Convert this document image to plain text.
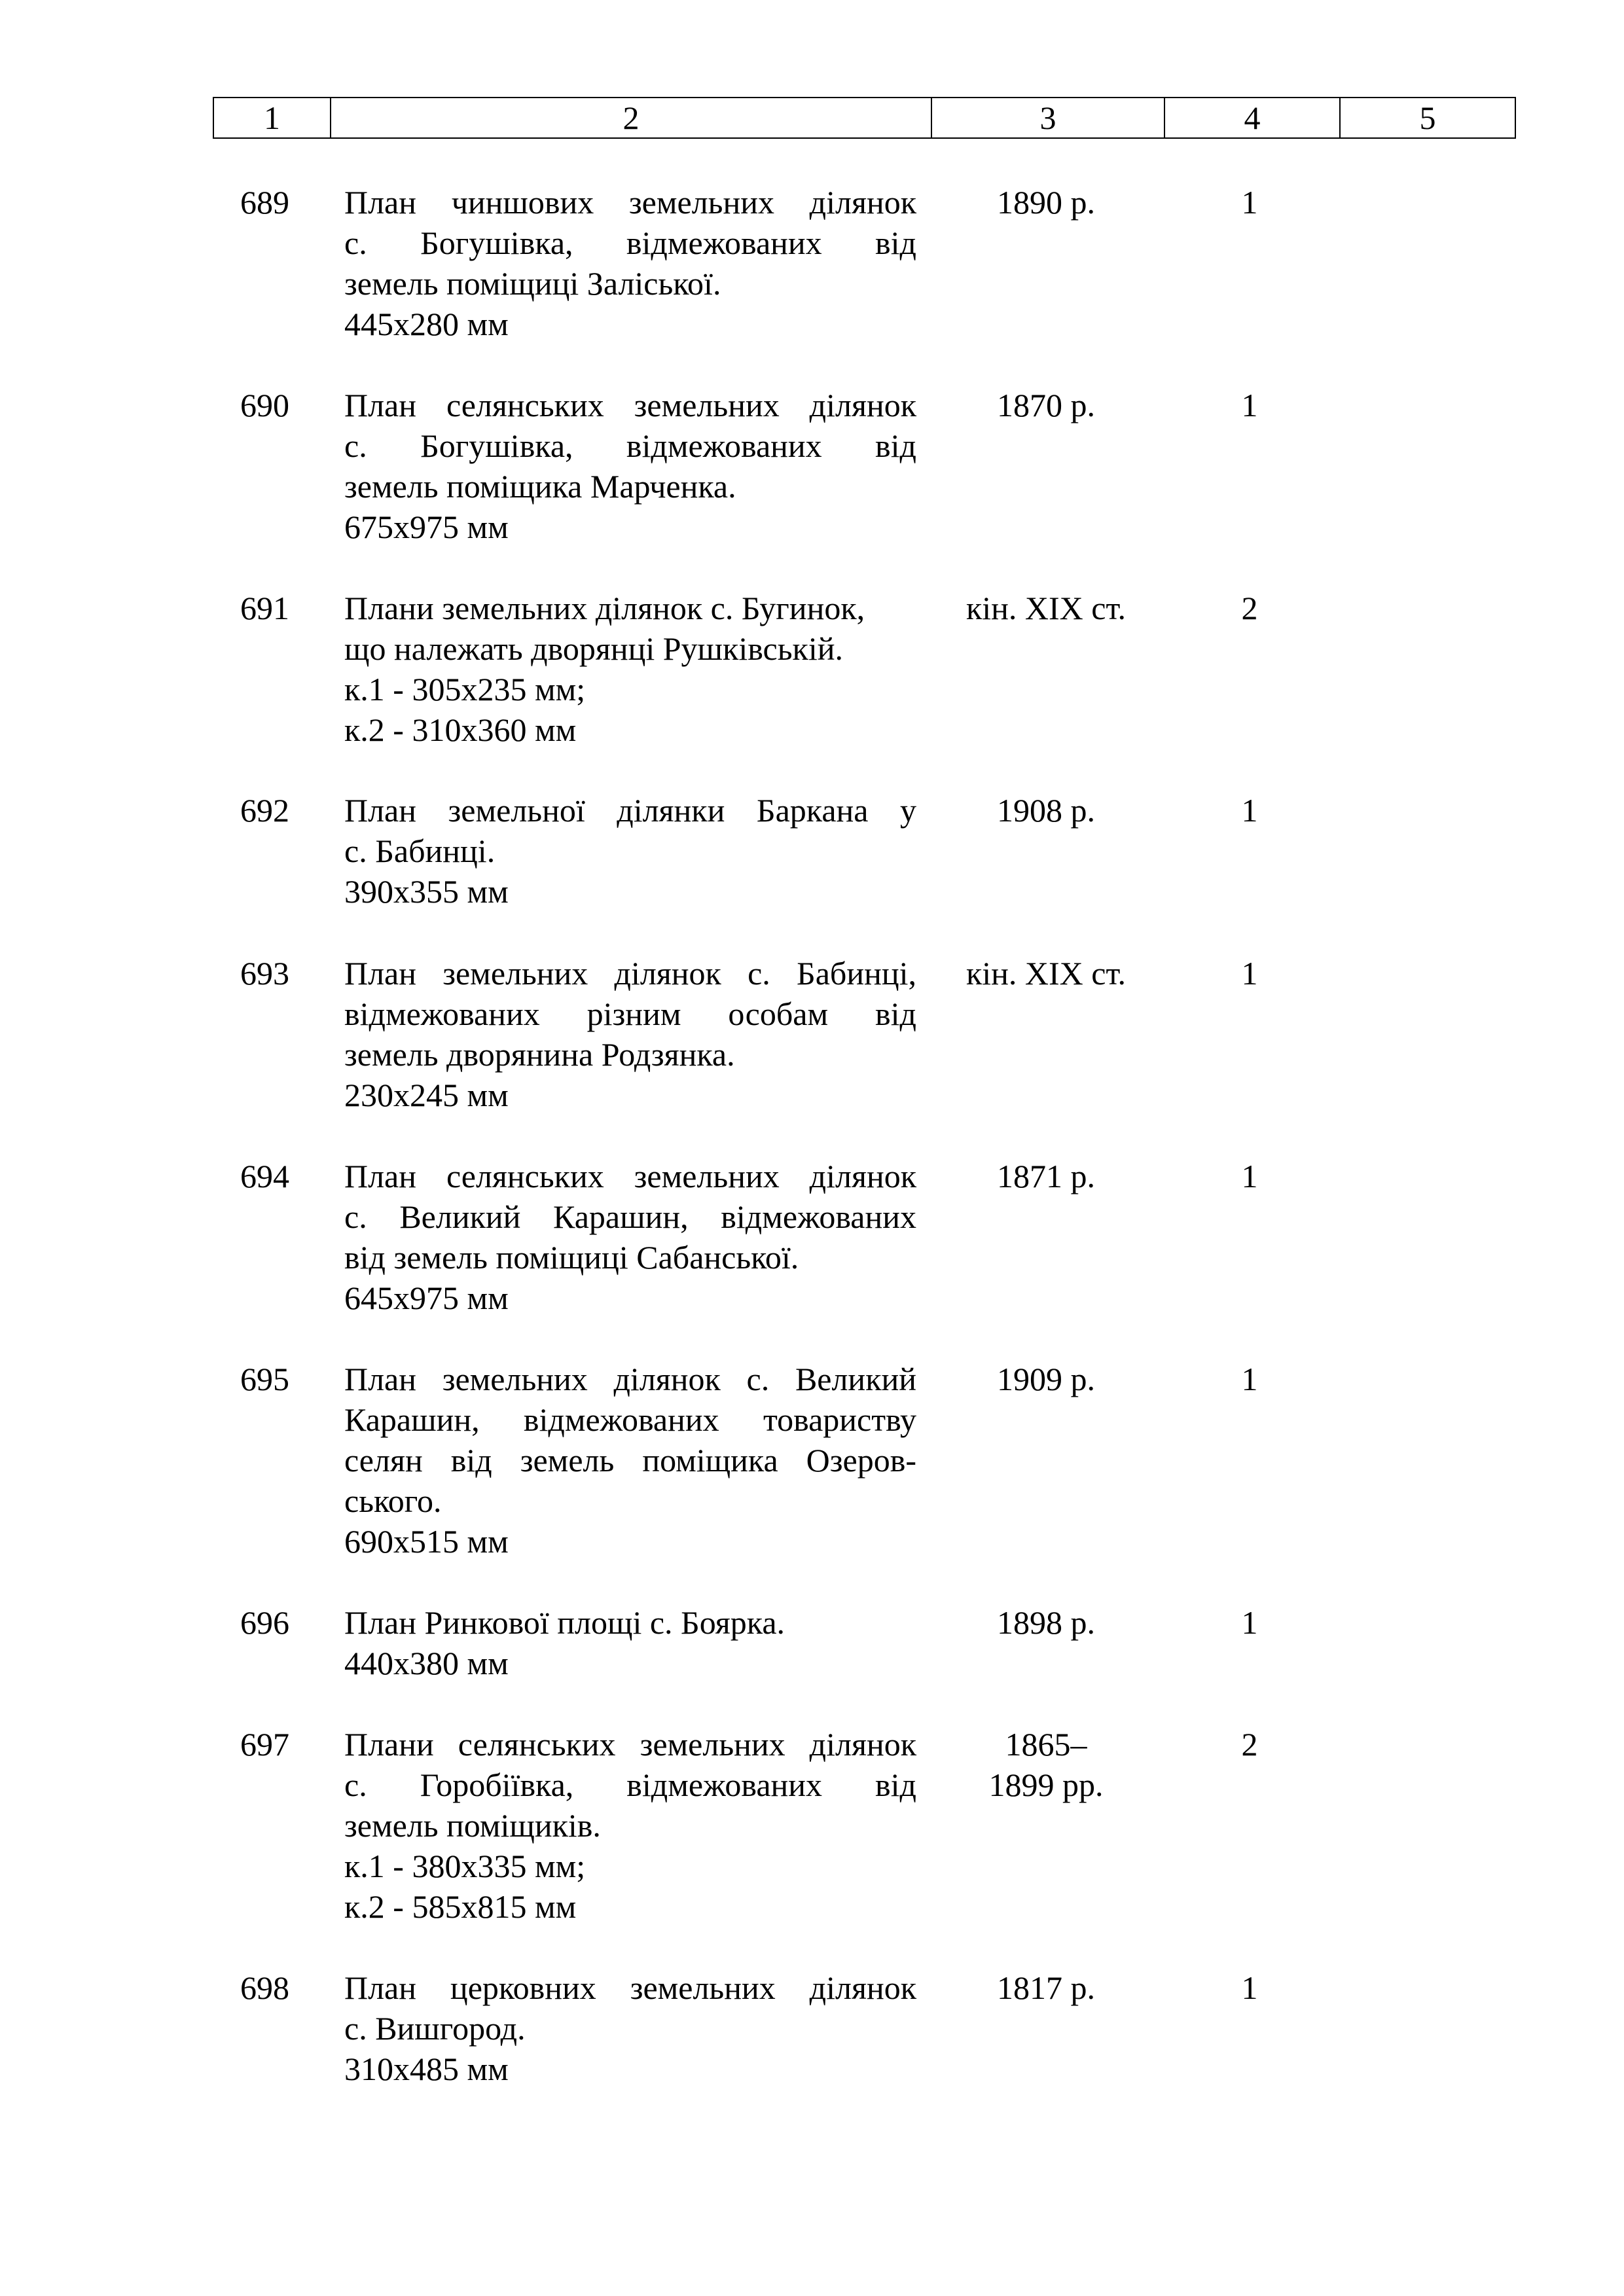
1	2	3	4	5
689	План чиншових земельних ділянок
с. Богушівка, відмежованих від
земель поміщиці Заліської.
445х280 мм
1890 р.	1
690	План селянських земельних ділянок
с. Богушівка, відмежованих від
земель поміщика Марченка.
675х975 мм
1870 р.	1
691	Плани земельних ділянок с. Бугинок,
що належать дворянці Рушківській.
к.1 - 305х235 мм;
к.2 - 310х360 мм
кін. ХІХ ст.	2
692	План земельної ділянки Баркана у
с. Бабинці.
390х355 мм
1908 р.	1
693	План земельних ділянок с. Бабинці,
відмежованих різним особам від
земель дворянина Родзянка.
230х245 мм
кін. ХІХ ст.	1
694	План селянських земельних ділянок
с. Великий Карашин, відмежованих
від земель поміщиці Сабанської.
645х975 мм
1871 р.	1
695	План земельних ділянок с. Великий
Карашин, відмежованих товариству
селян від земель поміщика Озеров-
ського.
690х515 мм
1909 р.	1
696	План Ринкової площі с. Боярка.
440х380 мм
1898 р.	1
697	Плани селянських земельних ділянок
с. Горобіївка, відмежованих від
земель поміщиків.
к.1 - 380х335 мм;
к.2 - 585х815 мм
1865–
1899 рр.
2
698	План церковних земельних ділянок
с. Вишгород.
310х485 мм
1817 р.	1
